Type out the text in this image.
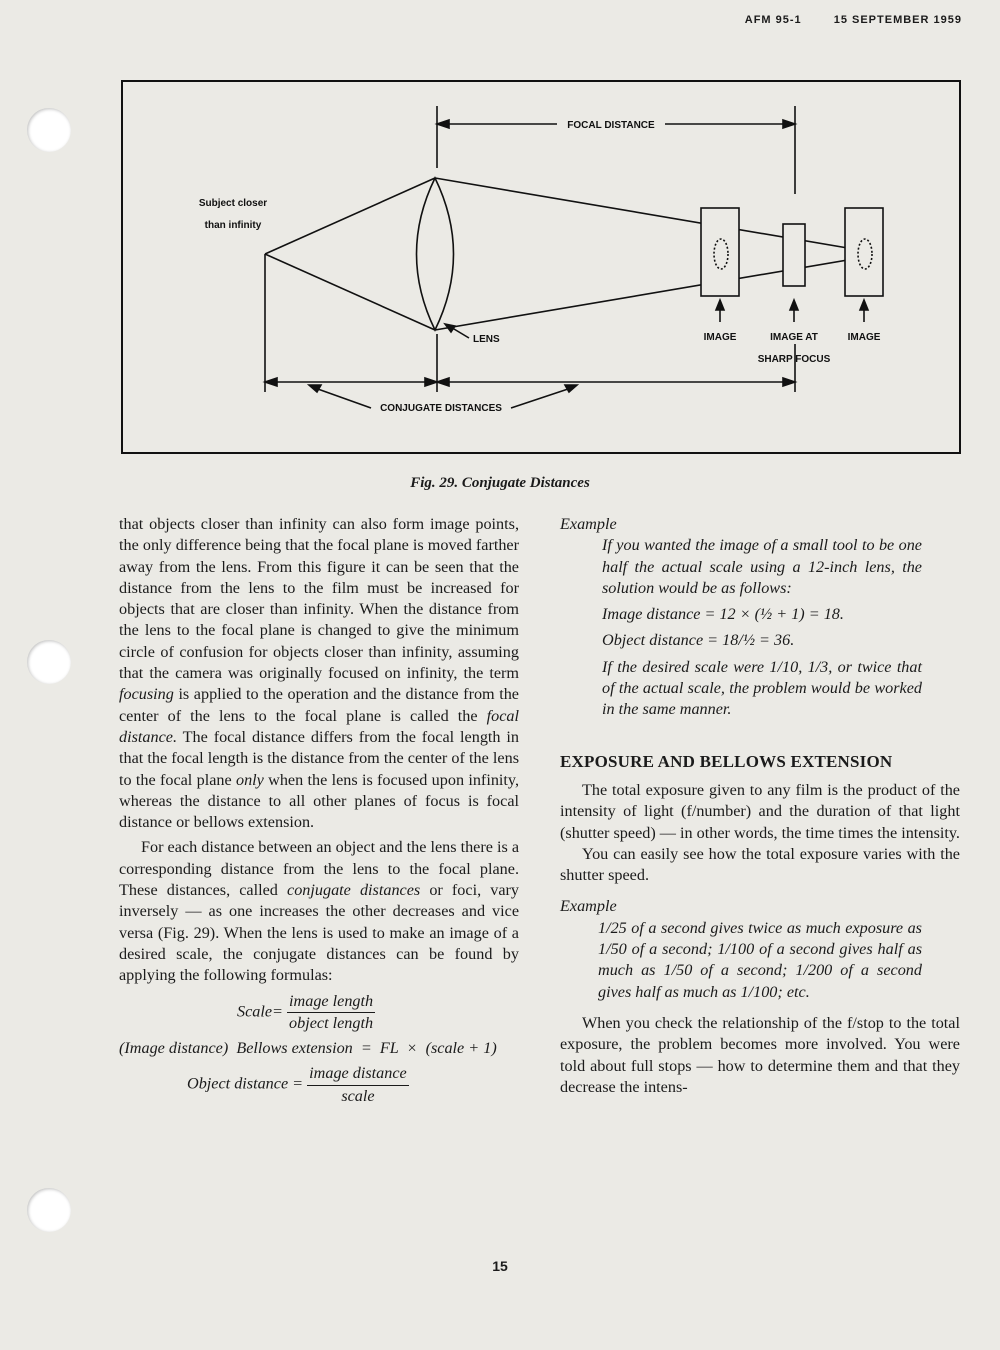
AFM 95-1	15 SEPTEMBER 1959
FOCAL DISTANCE
Subject closer
than infinity
LENS	IMAGE	IMAGE AT
SHARP FOCUS
IMAGE
CONJUGATE DISTANCES
Fig. 29. Conjugate Distances

that objects closer than infinity can also form image points, the only difference being that the focal plane is moved farther away from the lens. From this figure it can be seen that the distance from the lens to the film must be increased for objects that are closer than infinity. When the distance from the lens to the focal plane is changed to give the minimum circle of confusion for objects closer than infinity, assuming that the camera was originally focused on infinity, the term focusing is applied to the operation and the distance from the center of the lens to the focal plane is called the focal distance. The focal distance differs from the focal length in that the focal length is the distance from the center of the lens to the focal plane only when the lens is focused upon infinity, whereas the distance to all other planes of focus is focal distance or bellows extension.

For each distance between an object and the lens there is a corresponding distance from the lens to the focal plane. These distances, called conjugate distances or foci, vary inversely — as one increases the other decreases and vice versa (Fig. 29). When the lens is used to make an image of a desired scale, the conjugate distances can be found by applying the following formulas:

Scale= $\frac{\text{image length}}{\text{object length}}$
(Image distance)  Bellows extension  =  FL  ×  (scale + 1)
Object distance = $\frac{\text{image distance}}{\text{scale}}$

Example

If you wanted the image of a small tool to be one half the actual scale using a 12-inch lens, the solution would be as follows:

Image distance = 12 × (½ + 1) = 18.

Object distance = 18/½ = 36.

If the desired scale were 1/10, 1/3, or twice that of the actual scale, the problem would be worked in the same manner.

EXPOSURE AND BELLOWS EXTENSION

The total exposure given to any film is the product of the intensity of light (f/number) and the duration of that light (shutter speed) — in other words, the time times the intensity.

You can easily see how the total exposure varies with the shutter speed.

Example

1/25 of a second gives twice as much exposure as 1/50 of a second; 1/100 of a second gives half as much as 1/50 of a second; 1/200 of a second gives half as much as 1/100; etc.

When you check the relationship of the f/stop to the total exposure, the problem becomes more involved. You were told about full stops — how to determine them and that they decrease the intens-

15
